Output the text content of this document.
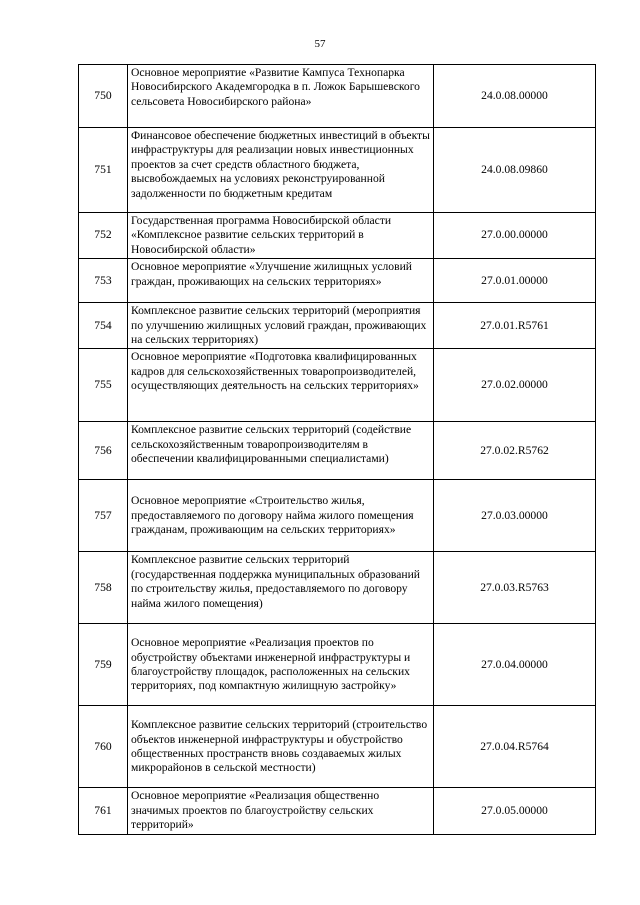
57
750	Основное мероприятие «Развитие Кампуса Технопарка Новосибирского Академгородка в п. Ложок Барышевского сельсовета Новосибирского района»	24.0.08.00000
751	Финансовое обеспечение бюджетных инвестиций в объекты инфраструктуры для реализации новых инвестиционных проектов за счет средств областного бюджета, высвобождаемых на условиях реконструированной задолженности по бюджетным кредитам	24.0.08.09860
752	Государственная программа Новосибирской области «Комплексное развитие сельских территорий в Новосибирской области»	27.0.00.00000
753	Основное мероприятие «Улучшение жилищных условий граждан, проживающих на сельских территориях»	27.0.01.00000
754	Комплексное развитие сельских территорий (мероприятия по улучшению жилищных условий граждан, проживающих на сельских территориях)	27.0.01.R5761
755	Основное мероприятие «Подготовка квалифицированных кадров для сельскохозяйственных товаропроизводителей, осуществляющих деятельность на сельских территориях»	27.0.02.00000
756	Комплексное развитие сельских территорий (содействие сельскохозяйственным товаропроизводителям в обеспечении квалифицированными специалистами)	27.0.02.R5762
757	Основное мероприятие «Строительство жилья, предоставляемого по договору найма жилого помещения гражданам, проживающим на сельских территориях»	27.0.03.00000
758	Комплексное развитие сельских территорий (государственная поддержка муниципальных образований по строительству жилья, предоставляемого по договору найма жилого помещения)	27.0.03.R5763
759	Основное мероприятие «Реализация проектов по обустройству объектами инженерной инфраструктуры и благоустройству площадок, расположенных на сельских территориях, под компактную жилищную застройку»	27.0.04.00000
760	Комплексное развитие сельских территорий (строительство объектов инженерной инфраструктуры и обустройство общественных пространств вновь создаваемых жилых микрорайонов в сельской местности)	27.0.04.R5764
761	Основное мероприятие «Реализация общественно значимых проектов по благоустройству сельских территорий»	27.0.05.00000
